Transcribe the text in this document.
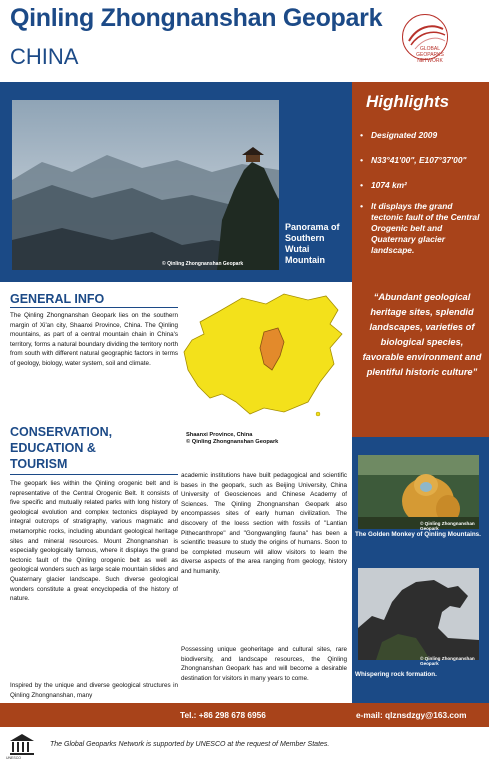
Qinling Zhongnanshan Geopark
CHINA	GLOBAL GEOPARKS NETWORK
© Qinling Zhongnanshan Geopark
Panorama of Southern Wutai Mountain
Highlights
• Designated 2009
• N33°41'00", E107°37'00"
• 1074 km²
• It displays the grand tectonic fault of the Central Orogenic belt and Quaternary glacier landscape.
“Abundant geological heritage sites, splendid landscapes, varieties of biological species, favorable environment and plentiful historic culture”
GENERAL INFO
The Qinling Zhongnanshan Geopark lies on the southern margin of Xi'an city, Shaanxi Province, China. The Qinling mountains, as part of a central mountain chain in China's territory, forms a natural boundary dividing the territory north from south with different natural geographic factors in terms of geology, biology, water system, soil and climate.
Shaanxi Province, China
© Qinling Zhongnanshan Geopark
CONSERVATION,
EDUCATION &
TOURISM
The geopark lies within the Qinling orogenic belt and is representative of the Central Orogenic Belt. It consists of five specific and mutually related parks with long history of geological evolution and complex tectonics displayed by integral outcrops of stratigraphy, various magmatic and metamorphic rocks, including abundant geological heritage sites and mineral resources. Mount Zhongnanshan is especially geologically famous, where it displays the grand tectonic fault of the Qinling orogenic belt as well as geological wonders such as large scale mountain slides and Quaternary glacier landscape. Such diverse geological wonders constitute a great encyclopedia of the history of nature.
Inspired by the unique and diverse geological structures in Qinling Zhongnanshan, many
academic institutions have built pedagogical and scientific bases in the geopark, such as Beijing University, China University of Geosciences and Chinese Academy of Sciences. The Qinling Zhongnanshan Geopark also encompasses sites of early human civilization. The discovery of the loess section with fossils of "Lantian Pithecanthrope" and "Gongwangling fauna" has been a scientific treasure to study the origins of humans. Soon to be completed museum will allow visitors to learn the diverse aspects of the area ranging from geology, history and humanity.
Possessing unique geoheritage and cultural sites, rare biodiversity, and landscape resources, the Qinling Zhongnanshan Geopark has and will become a desirable destination for visitors in many years to come.
© Qinling Zhongnanshan Geopark
The Golden Monkey of Qinling Mountains.
© Qinling Zhongnanshan Geopark
Whispering rock formation.
Tel.: +86 298 678 6956	e-mail: qlznsdzgy@163.com
UNESCO
The Global Geoparks Network is supported by UNESCO at the request of Member States.
